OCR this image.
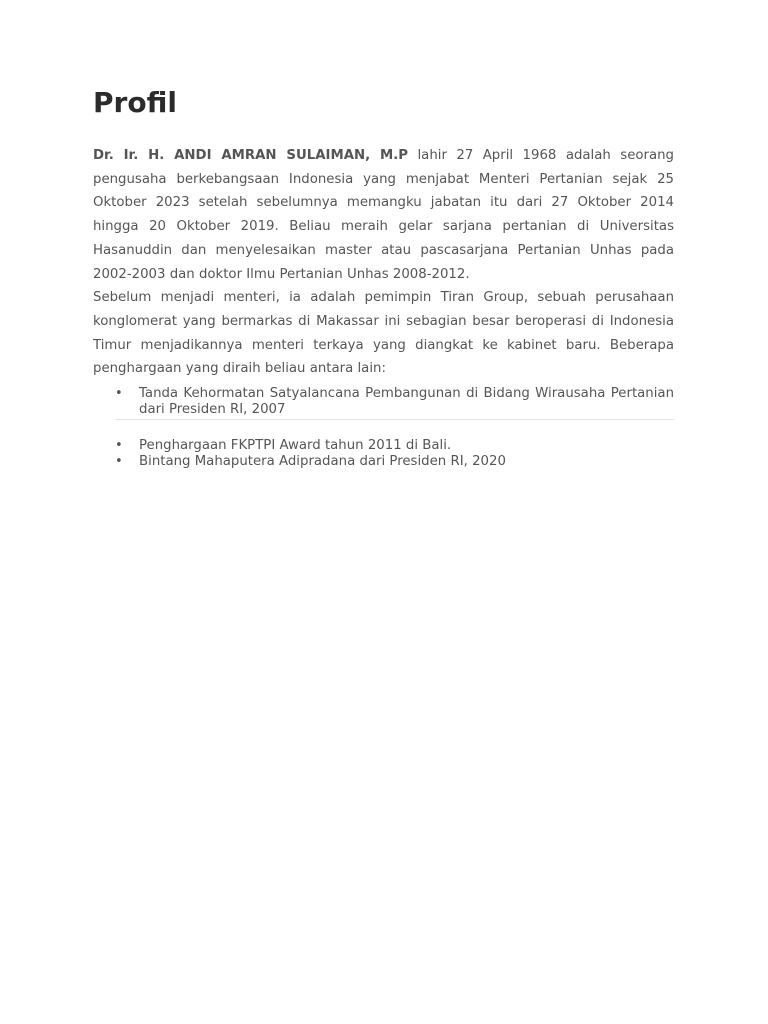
Profil

Dr. Ir. H. ANDI AMRAN SULAIMAN, M.P lahir 27 April 1968 adalah seorang pengusaha berkebangsaan Indonesia yang menjabat Menteri Pertanian sejak 25 Oktober 2023 setelah sebelumnya memangku jabatan itu dari 27 Oktober 2014 hingga 20 Oktober 2019. Beliau meraih gelar sarjana pertanian di Universitas Hasanuddin dan menyelesaikan master atau pascasarjana Pertanian Unhas pada 2002-2003 dan doktor Ilmu Pertanian Unhas 2008-2012.

Sebelum menjadi menteri, ia adalah pemimpin Tiran Group, sebuah perusahaan konglomerat yang bermarkas di Makassar ini sebagian besar beroperasi di Indonesia Timur menjadikannya menteri terkaya yang diangkat ke kabinet baru. Beberapa penghargaan yang diraih beliau antara lain:

• Tanda Kehormatan Satyalancana Pembangunan di Bidang Wirausaha Pertanian dari Presiden RI, 2007
• Penghargaan FKPTPI Award tahun 2011 di Bali.
• Bintang Mahaputera Adipradana dari Presiden RI, 2020
